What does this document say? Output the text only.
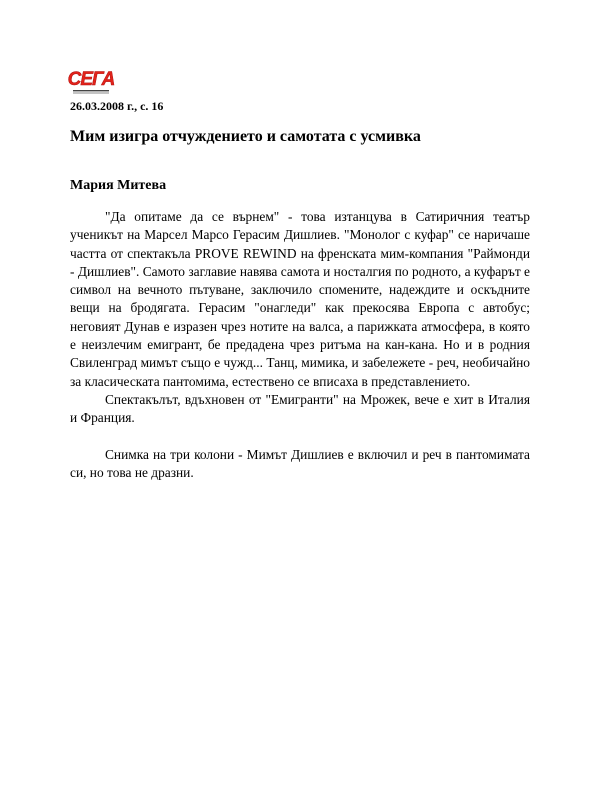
СЕГА
26.03.2008 г., с. 16
Мим изигра отчуждението и самотата с усмивка
Мария Митева

"Да опитаме да се върнем" - това изтанцува в Сатиричния театър ученикът на Марсел Марсо Герасим Дишлиев. "Монолог с куфар" се наричаше частта от спектакъла PROVE REWIND на френската мим-компания "Раймонди - Дишлиев". Самото заглавие навява самота и носталгия по родното, а куфарът е символ на вечното пътуване, заключило спомените, надеждите и оскъдните вещи на бродягата. Герасим "онагледи" как прекосява Европа с автобус; неговият Дунав е изразен чрез нотите на валса, а парижката атмосфера, в която е неизлечим емигрант, бе предадена чрез ритъма на кан-кана. Но и в родния Свиленград мимът също е чужд... Танц, мимика, и забележете - реч, необичайно за класическата пантомима, естествено се вписаха в представлението.

Спектакълът, вдъхновен от "Емигранти" на Мрожек, вече е хит в Италия и Франция.

Снимка на три колони - Мимът Дишлиев е включил и реч в пантомимата си, но това не дразни.
